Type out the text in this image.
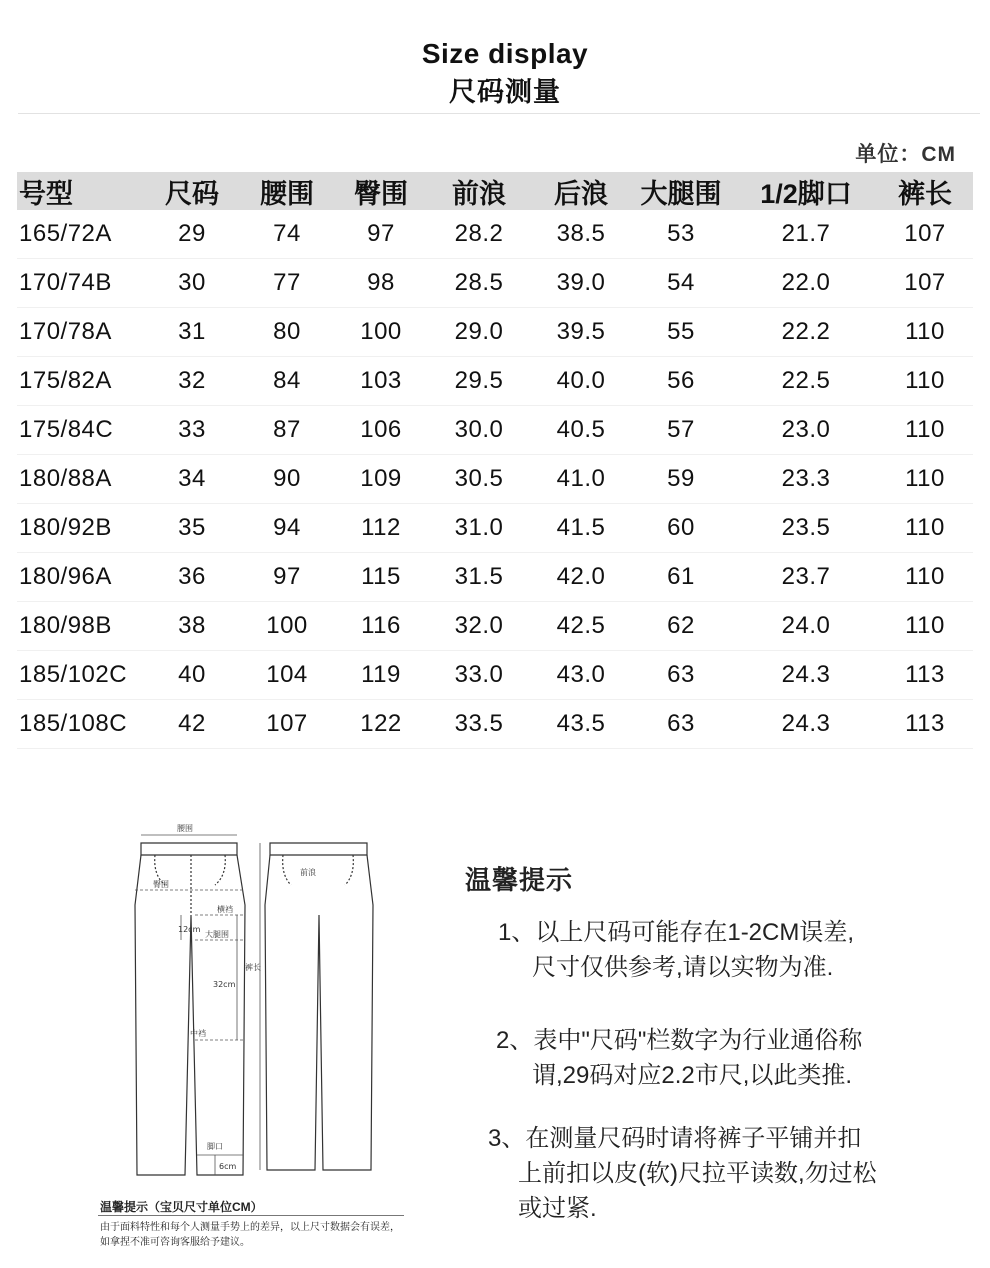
Size display
尺码测量
单位：CM
号型	尺码	腰围	臀围	前浪	后浪	大腿围	1/2脚口	裤长
165/72A	29	74	97	28.2	38.5	53	21.7	107
170/74B	30	77	98	28.5	39.0	54	22.0	107
170/78A	31	80	100	29.0	39.5	55	22.2	110
175/82A	32	84	103	29.5	40.0	56	22.5	110
175/84C	33	87	106	30.0	40.5	57	23.0	110
180/88A	34	90	109	30.5	41.0	59	23.3	110
180/92B	35	94	112	31.0	41.5	60	23.5	110
180/96A	36	97	115	31.5	42.0	61	23.7	110
180/98B	38	100	116	32.0	42.5	62	24.0	110
185/102C	40	104	119	33.0	43.0	63	24.3	113
185/108C	42	107	122	33.5	43.5	63	24.3	113
腰围
臀围
横裆
12cm
大腿围
32cm
中裆
脚口
6cm
前浪
裤长
温馨提示（宝贝尺寸单位CM）
由于面料特性和每个人测量手势上的差异，以上尺寸数据会有误差，如拿捏不准可咨询客服给予建议。
温馨提示
1、以上尺码可能存在1-2CM误差,
尺寸仅供参考,请以实物为准.
2、表中"尺码"栏数字为行业通俗称
谓,29码对应2.2市尺,以此类推.
3、在测量尺码时请将裤子平铺并扣
上前扣以皮(软)尺拉平读数,勿过松
或过紧.
